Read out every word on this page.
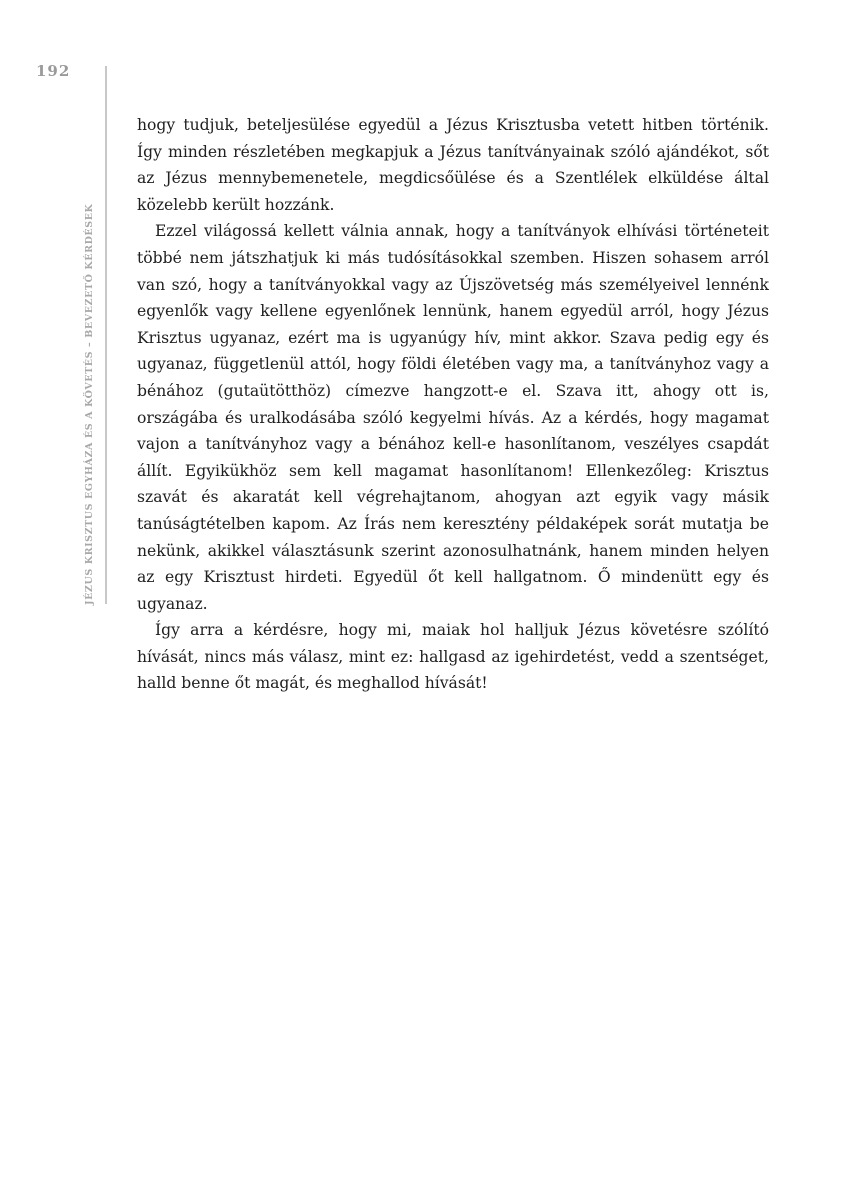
192
JÉZUS KRISZTUS EGYHÁZA ÉS A KÖVETÉS – BEVEZETŐ KÉRDÉSEK

hogy tudjuk, beteljesülése egyedül a Jézus Krisztusba vetett hitben történik. Így minden részletében megkapjuk a Jézus tanítványainak szóló ajándékot, sőt az Jézus mennybemenetele, megdicsőülése és a Szentlélek elküldése által közelebb került hozzánk.

Ezzel világossá kellett válnia annak, hogy a tanítványok elhívási történeteit többé nem játszhatjuk ki más tudósításokkal szemben. Hiszen sohasem arról van szó, hogy a tanítványokkal vagy az Újszövetség más személyeivel lennénk egyenlők vagy kellene egyenlőnek lennünk, hanem egyedül arról, hogy Jézus Krisztus ugyanaz, ezért ma is ugyanúgy hív, mint akkor. Szava pedig egy és ugyanaz, függetlenül attól, hogy földi életében vagy ma, a tanítványhoz vagy a bénához (gutaütötthöz) címezve hangzott-e el. Szava itt, ahogy ott is, országába és uralkodásába szóló kegyelmi hívás. Az a kérdés, hogy magamat vajon a tanítványhoz vagy a bénához kell-e hasonlítanom, veszélyes csapdát állít. Egyikükhöz sem kell magamat hasonlítanom! Ellenkezőleg: Krisztus szavát és akaratát kell végrehajtanom, ahogyan azt egyik vagy másik tanúságtételben kapom. Az Írás nem keresztény példaképek sorát mutatja be nekünk, akikkel választásunk szerint azonosulhatnánk, hanem minden helyen az egy Krisztust hirdeti. Egyedül őt kell hallgatnom. Ő mindenütt egy és ugyanaz.

Így arra a kérdésre, hogy mi, maiak hol halljuk Jézus követésre szólító hívását, nincs más válasz, mint ez: hallgasd az igehirdetést, vedd a szentséget, halld benne őt magát, és meghallod hívását!
